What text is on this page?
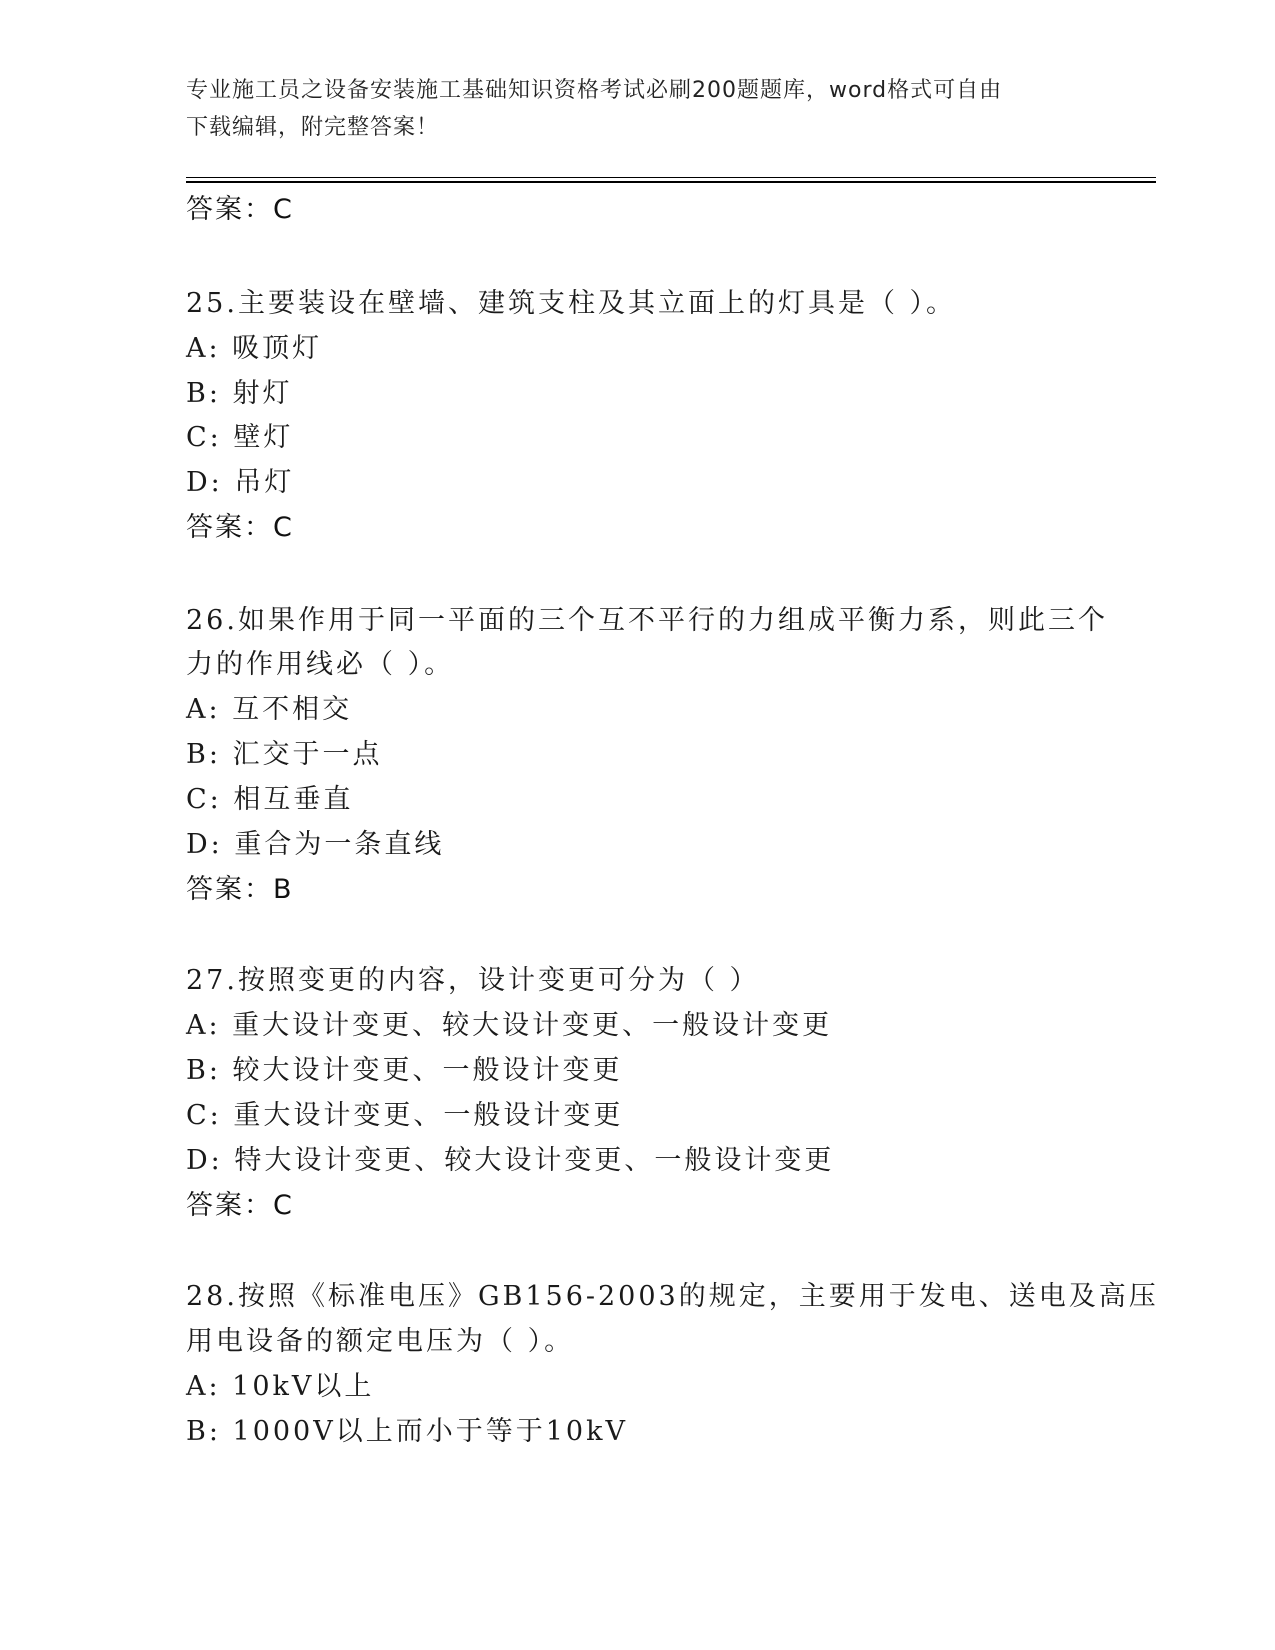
专业施工员之设备安装施工基础知识资格考试必刷200题题库，word格式可自由
下载编辑，附完整答案！
答案：C
25.主要装设在壁墙、建筑支柱及其立面上的灯具是（ ）。
A: 吸顶灯
B: 射灯
C: 壁灯
D: 吊灯
答案：C
26.如果作用于同一平面的三个互不平行的力组成平衡力系，则此三个
力的作用线必（ ）。
A: 互不相交
B: 汇交于一点
C: 相互垂直
D: 重合为一条直线
答案：B
27.按照变更的内容，设计变更可分为（ ）
A: 重大设计变更、较大设计变更、一般设计变更
B: 较大设计变更、一般设计变更
C: 重大设计变更、一般设计变更
D: 特大设计变更、较大设计变更、一般设计变更
答案：C
28.按照《标准电压》GB156-2003的规定，主要用于发电、送电及高压
用电设备的额定电压为（ ）。
A: 10kV以上
B: 1000V以上而小于等于10kV
